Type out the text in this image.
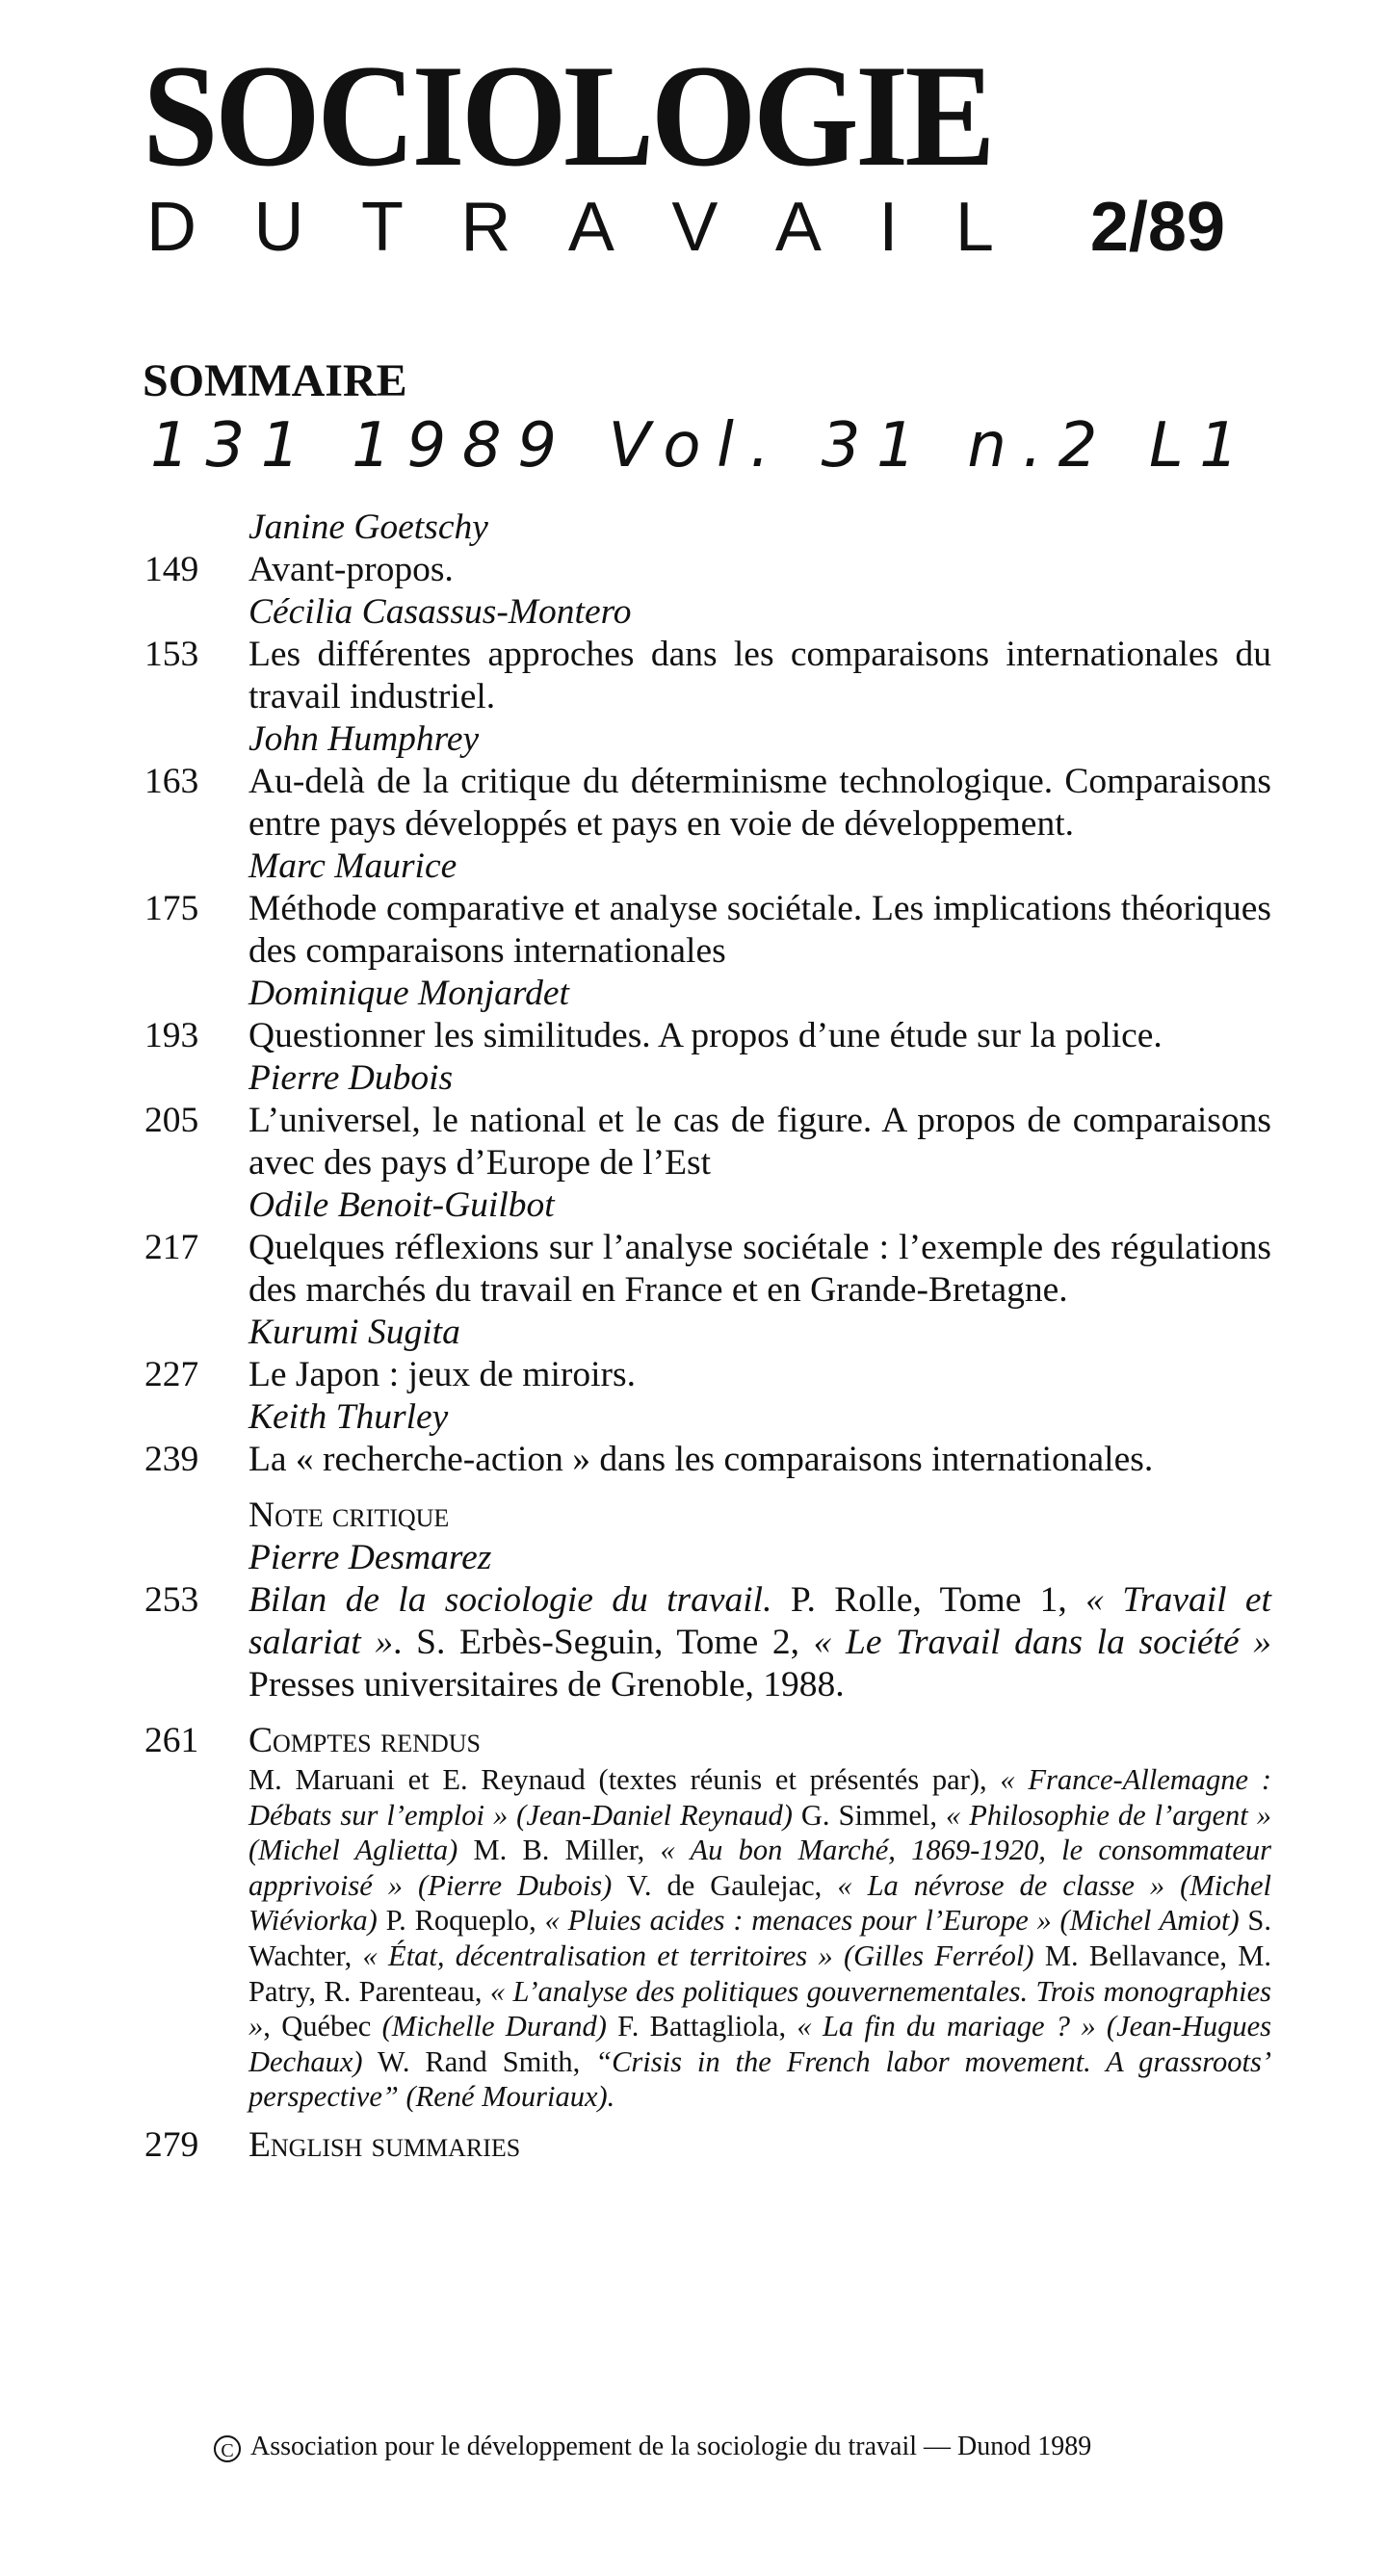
SOCIOLOGIE
D U T R A V A I L 2/89
SOMMAIRE
131 1989 Vol. 31 n.2 L1
Janine Goetschy
149	Avant-propos.
Cécilia Casassus-Montero
153	Les différentes approches dans les comparaisons internationales du travail industriel.
John Humphrey
163	Au-delà de la critique du déterminisme technologique. Comparaisons entre pays développés et pays en voie de développement.
Marc Maurice
175	Méthode comparative et analyse sociétale. Les implications théoriques des comparaisons internationales
Dominique Monjardet
193	Questionner les similitudes. A propos d’une étude sur la police.
Pierre Dubois
205	L’universel, le national et le cas de figure. A propos de comparaisons avec des pays d’Europe de l’Est
Odile Benoit-Guilbot
217	Quelques réflexions sur l’analyse sociétale : l’exemple des régulations des marchés du travail en France et en Grande-Bretagne.
Kurumi Sugita
227	Le Japon : jeux de miroirs.
Keith Thurley
239	La « recherche-action » dans les comparaisons internationales.
Note critique
Pierre Desmarez
253	Bilan de la sociologie du travail. P. Rolle, Tome 1, « Travail et salariat ». S. Erbès-Seguin, Tome 2, « Le Travail dans la société » Presses universitaires de Grenoble, 1988.
261	Comptes rendus
M. Maruani et E. Reynaud (textes réunis et présentés par), « France-Allemagne : Débats sur l’emploi » (Jean-Daniel Reynaud) G. Simmel, « Philosophie de l’argent » (Michel Aglietta) M. B. Miller, « Au bon Marché, 1869-1920, le consommateur apprivoisé » (Pierre Dubois) V. de Gaulejac, « La névrose de classe » (Michel Wiéviorka) P. Roqueplo, « Pluies acides : menaces pour l’Europe » (Michel Amiot) S. Wachter, « État, décentralisation et territoires » (Gilles Ferréol) M. Bellavance, M. Patry, R. Parenteau, « L’analyse des politiques gouvernementales. Trois monographies », Québec (Michelle Durand) F. Battagliola, « La fin du mariage ? » (Jean-Hugues Dechaux) W. Rand Smith, “Crisis in the French labor movement. A grassroots’ perspective” (René Mouriaux).
279	English summaries
C Association pour le développement de la sociologie du travail — Dunod 1989
